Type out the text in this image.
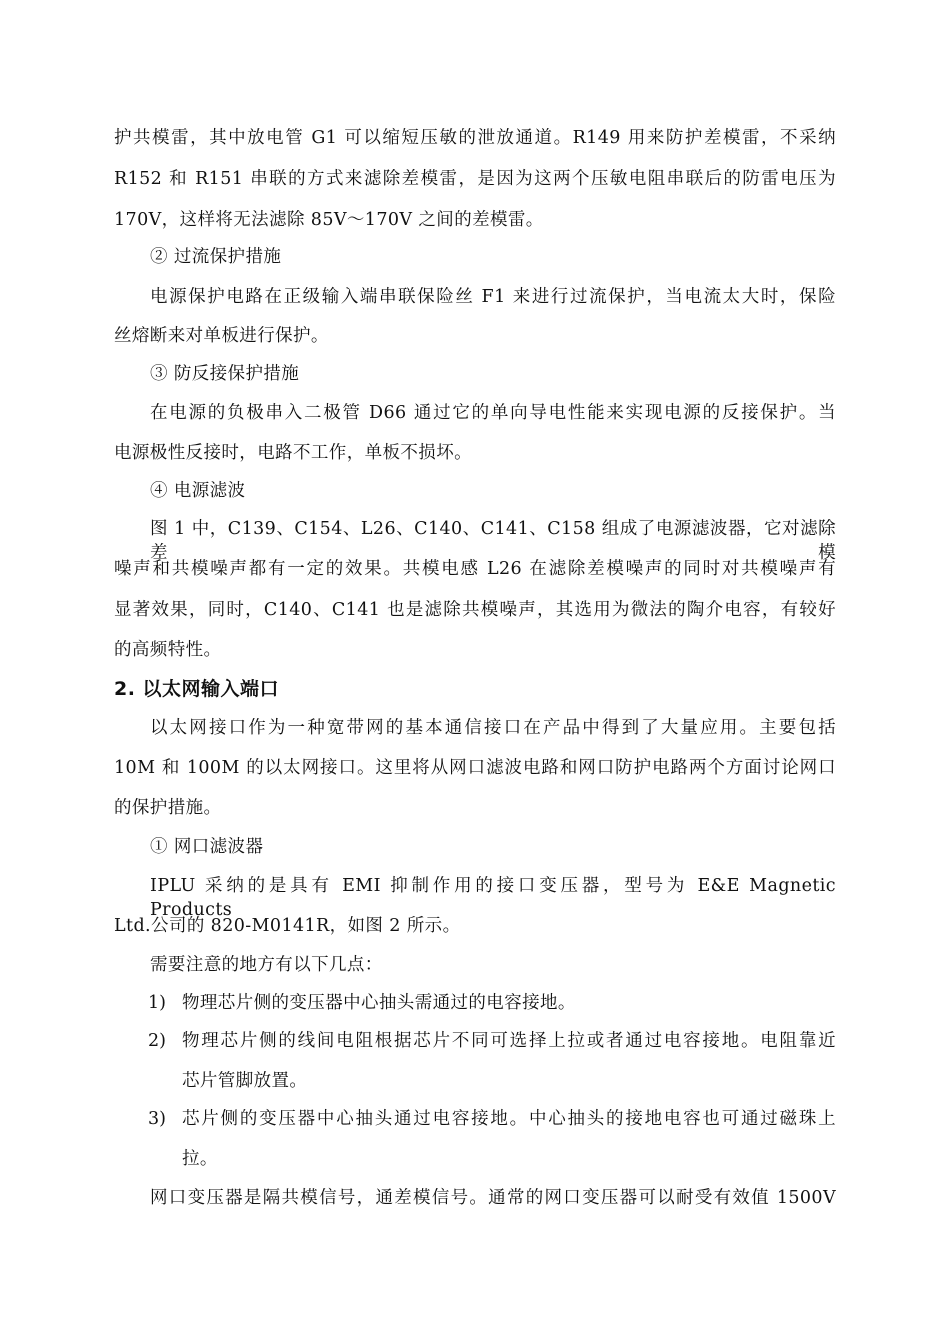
护共模雷，其中放电管 G1 可以缩短压敏的泄放通道。R149 用来防护差模雷，不采纳
R152 和 R151 串联的方式来滤除差模雷，是因为这两个压敏电阻串联后的防雷电压为
170V，这样将无法滤除 85V～170V 之间的差模雷。
② 过流保护措施
电源保护电路在正级输入端串联保险丝 F1 来进行过流保护，当电流太大时，保险
丝熔断来对单板进行保护。
③ 防反接保护措施
在电源的负极串入二极管 D66 通过它的单向导电性能来实现电源的反接保护。当
电源极性反接时，电路不工作，单板不损坏。
④ 电源滤波
图 1 中，C139、C154、L26、C140、C141、C158 组成了电源滤波器，它对滤除差模
噪声和共模噪声都有一定的效果。共模电感 L26 在滤除差模噪声的同时对共模噪声有
显著效果，同时，C140、C141 也是滤除共模噪声，其选用为微法的陶介电容，有较好
的高频特性。
2. 以太网输入端口
以太网接口作为一种宽带网的基本通信接口在产品中得到了大量应用。主要包括
10M 和 100M 的以太网接口。这里将从网口滤波电路和网口防护电路两个方面讨论网口
的保护措施。
① 网口滤波器
IPLU 采纳的是具有 EMI 抑制作用的接口变压器，型号为 E&E Magnetic Products
Ltd.公司的 820-M0141R，如图 2 所示。
需要注意的地方有以下几点：
1) 物理芯片侧的变压器中心抽头需通过的电容接地。
2) 物理芯片侧的线间电阻根据芯片不同可选择上拉或者通过电容接地。电阻靠近
芯片管脚放置。
3) 芯片侧的变压器中心抽头通过电容接地。中心抽头的接地电容也可通过磁珠上
拉。
网口变压器是隔共模信号，通差模信号。通常的网口变压器可以耐受有效值 1500V
